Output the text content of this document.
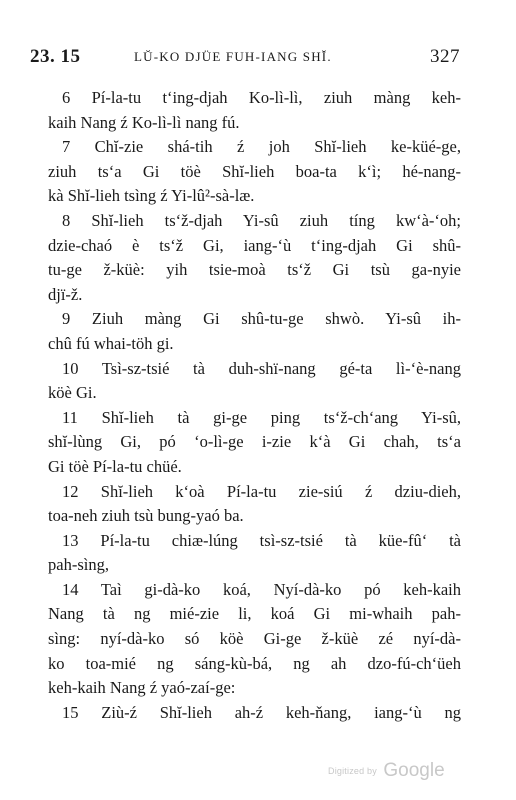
23. 15	LŬ-KO DJÜE FUH-IANG SHĬ.	327
6 Pí-la-tu t‘ing-djah Ko-lì-lì, ziuh màng keh-
kaih Nang ź Ko-lì-lì nang fú.
7 Chĭ-zie shá-tih ź joh Shĭ-lieh ke-küé-ge,
ziuh ts‘a Gi töè Shĭ-lieh boa-ta k‘ì; hé-nang-
kà Shĭ-lieh tsìng ź Yi-lû²-sà-læ.
8 Shĭ-lieh ts‘ž-djah Yi-sû ziuh tíng kw‘à-‘oh;
dzie-chaó è ts‘ž Gi, iang-‘ù t‘ing-djah Gi shû-
tu-ge ž-küè: yih tsie-moà ts‘ž Gi tsù ga-nyie
djï-ž.
9 Ziuh màng Gi shû-tu-ge shwò. Yi-sû ih-
chû fú whai-töh gi.
10 Tsì-sz-tsié tà duh-shï-nang gé-ta lì-‘è-nang
köè Gi.
11 Shĭ-lieh tà gi-ge ping ts‘ž-ch‘ang Yi-sû,
shĭ-lùng Gi, pó ‘o-lì-ge i-zie k‘à Gi chah, ts‘a
Gi töè Pí-la-tu chüé.
12 Shĭ-lieh k‘oà Pí-la-tu zie-siú ź dziu-dieh,
toa-neh ziuh tsù bung-yaó ba.
13 Pí-la-tu chiæ-lúng tsì-sz-tsié tà küe-fû‘ tà
pah-sìng,
14 Taì gi-dà-ko koá, Nyí-dà-ko pó keh-kaih
Nang tà ng mié-zie li, koá Gi mi-whaih pah-
sìng: nyí-dà-ko só köè Gi-ge ž-küè zé nyí-dà-
ko toa-mié ng sáng-kù-bá, ng ah dzo-fú-ch‘üeh
keh-kaih Nang ź yaó-zaí-ge:
15 Ziù-ź Shĭ-lieh ah-ź keh-ňang, iang-‘ù ng
Digitized by Google
